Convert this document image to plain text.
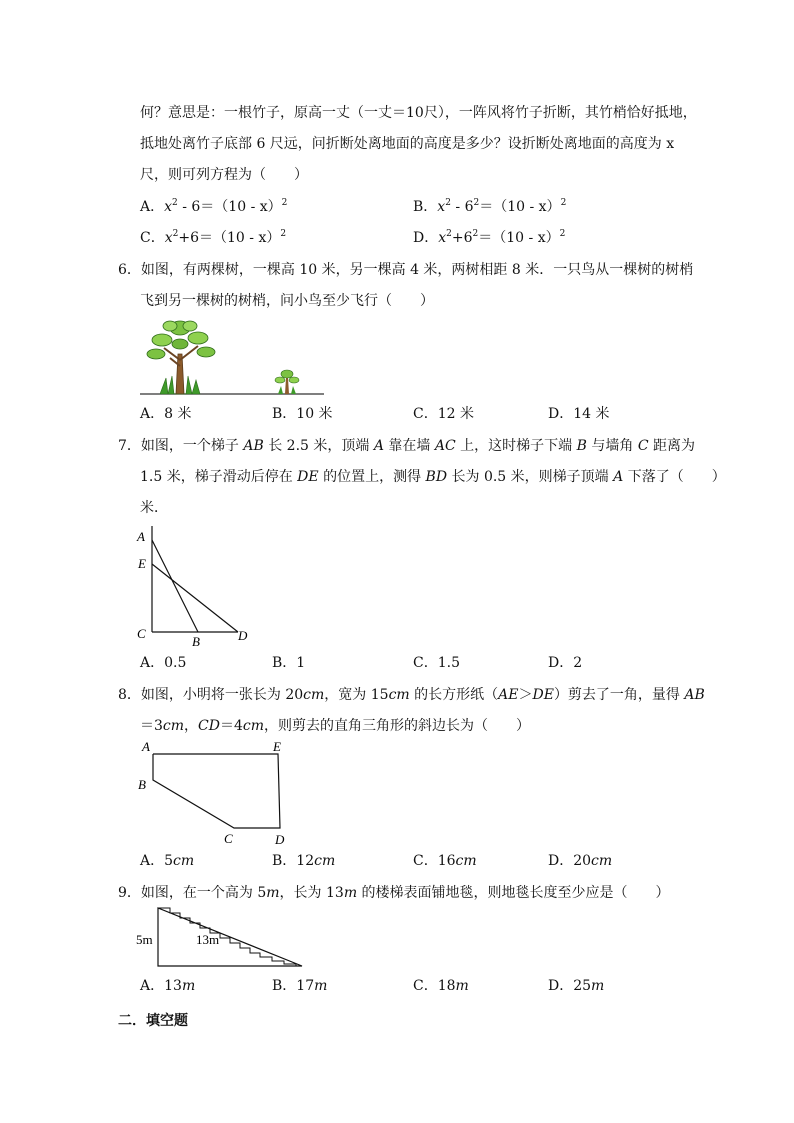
何？意思是：一根竹子，原高一丈（一丈＝10尺），一阵风将竹子折断，其竹梢恰好抵地，
抵地处离竹子底部 6 尺远，问折断处离地面的高度是多少？设折断处离地面的高度为 x
尺，则可列方程为（　　）
A．$x^2 - 6=(10 - x)^2$	B．$x^2 - 6^2=(10 - x)^2$
C．$x^2+6=(10 - x)^2$	D．$x^2+6^2=(10 - x)^2$
6．如图，有两棵树，一棵高 10 米，另一棵高 4 米，两树相距 8 米．一只鸟从一棵树的树梢
飞到另一棵树的树梢，问小鸟至少飞行（　　）
A．8 米	B．10 米	C．12 米	D．14 米
7．如图，一个梯子 AB 长 2.5 米，顶端 A 靠在墙 AC 上，这时梯子下端 B 与墙角 C 距离为
1.5 米，梯子滑动后停在 DE 的位置上，测得 BD 长为 0.5 米，则梯子顶端 A 下落了（　　）
米．
A
E
C
B	D
A．0.5	B．1	C．1.5	D．2
8．如图，小明将一张长为 20cm，宽为 15cm 的长方形纸（AE＞DE）剪去了一角，量得 AB
＝3cm，CD＝4cm，则剪去的直角三角形的斜边长为（　　）
A	E
B
C	D
A．5cm	B．12cm	C．16cm	D．20cm
9．如图，在一个高为 5m，长为 13m 的楼梯表面铺地毯，则地毯长度至少应是（　　）
5m	13m
A．13m	B．17m	C．18m	D．25m
二．填空题
